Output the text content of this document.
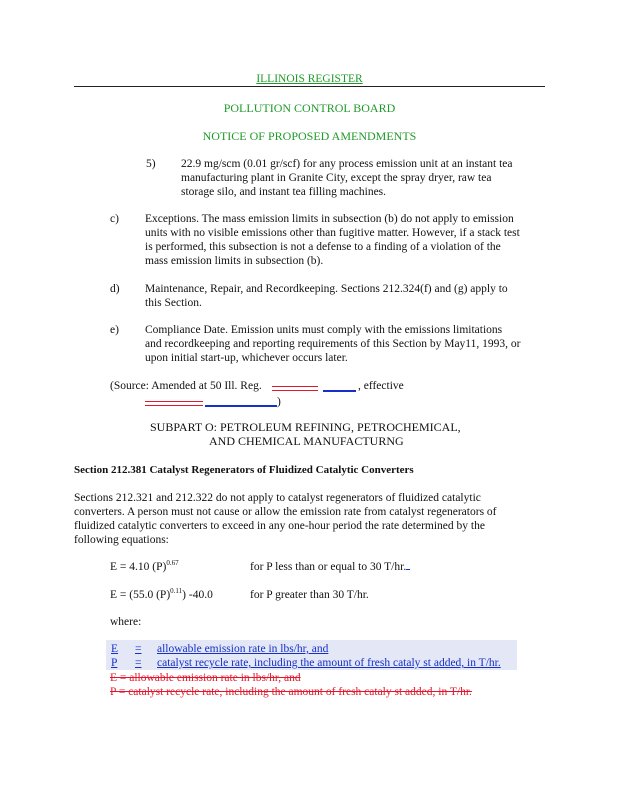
ILLINOIS REGISTER
POLLUTION CONTROL BOARD
NOTICE OF PROPOSED AMENDMENTS
5) 22.9 mg/scm (0.01 gr/scf) for any process emission unit at an instant tea
manufacturing plant in Granite City, except the spray dryer, raw tea
storage silo, and instant tea filling machines.
c) Exceptions. The mass emission limits in subsection (b) do not apply to emission
units with no visible emissions other than fugitive matter. However, if a stack test
is performed, this subsection is not a defense to a finding of a violation of the
mass emission limits in subsection (b).
d) Maintenance, Repair, and Recordkeeping. Sections 212.324(f) and (g) apply to
this Section.
e) Compliance Date. Emission units must comply with the emissions limitations
and recordkeeping and reporting requirements of this Section by May11, 1993, or
upon initial start-up, whichever occurs later.
(Source: Amended at 50 Ill. Reg.	, effective
)
SUBPART O: PETROLEUM REFINING, PETROCHEMICAL,
AND CHEMICAL MANUFACTURNG
Section 212.381 Catalyst Regenerators of Fluidized Catalytic Converters
Sections 212.321 and 212.322 do not apply to catalyst regenerators of fluidized catalytic
converters. A person must not cause or allow the emission rate from catalyst regenerators of
fluidized catalytic converters to exceed in any one-hour period the rate determined by the
following equations:
E = 4.10 $(P)^{0.67}$	for P less than or equal to 30 T/hr.
E = (55.0 $(P)^{0.11}$) -40.0	for P greater than 30 T/hr.
where:
E = allowable emission rate in lbs/hr, and
P = catalyst recycle rate, including the amount of fresh cataly st added, in T/hr.
E = allowable emission rate in lbs/hr, and
P = catalyst recycle rate, including the amount of fresh cataly st added, in T/hr.
